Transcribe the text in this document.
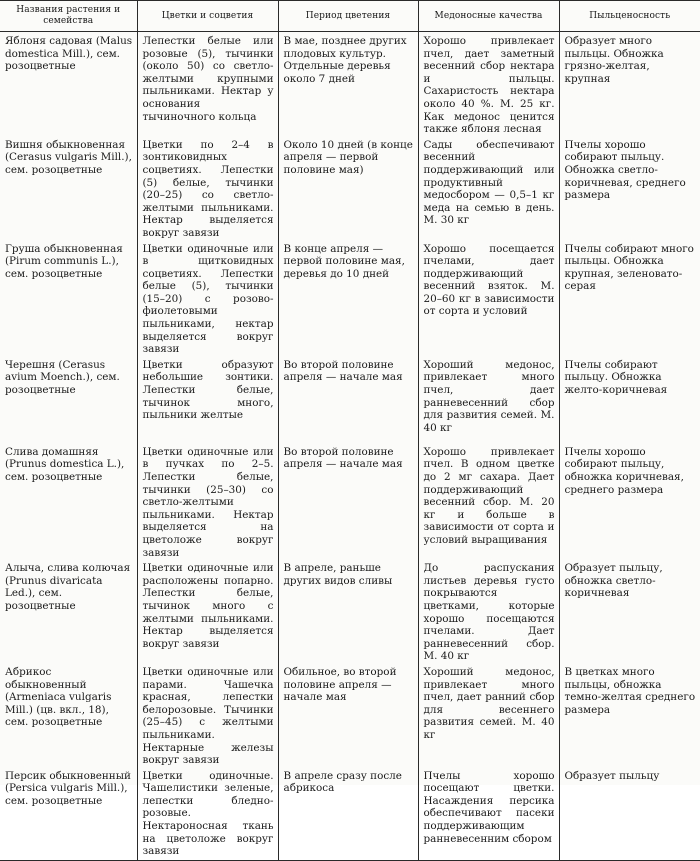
Названия растения и семейства	Цветки и соцветия	Период цветения	Медоносные качества	Пыльценосность
Яблоня садовая (Malus domestica Mill.), сем. розоцветные	Лепестки белые или розовые (5), тычинки (около 50) со светло-желтыми крупными пыльниками. Нектар у основания тычиночного кольца	В мае, позднее других плодовых культур. Отдельные деревья около 7 дней	Хорошо привлекает пчел, дает заметный весенний сбор нектара и пыльцы. Сахаристость нектара около 40 %. М. 25 кг. Как медонос ценится также яблоня лесная	Образует много пыльцы. Обножка грязно-желтая, крупная
Вишня обыкновенная (Cerasus vulgaris Mill.), сем. розоцветные	Цветки по 2–4 в зонтиковидных соцветиях. Лепестки (5) белые, тычинки (20–25) со светло-желтыми пыльниками. Нектар выделяется вокруг завязи	Около 10 дней (в конце апреля — первой половине мая)	Сады обеспечивают весенний поддерживающий или продуктивный медосбором — 0,5–1 кг меда на семью в день. М. 30 кг	Пчелы хорошо собирают пыльцу. Обножка светло-коричневая, среднего размера
Груша обыкновенная (Pirum communis L.), сем. розоцветные	Цветки одиночные или в щитковидных соцветиях. Лепестки белые (5), тычинки (15–20) с розово-фиолетовыми пыльниками, нектар выделяется вокруг завязи	В конце апреля — первой половине мая, деревья до 10 дней	Хорошо посещается пчелами, дает поддерживающий весенний взяток. М. 20–60 кг в зависимости от сорта и условий	Пчелы собирают много пыльцы. Обножка крупная, зеленовато-серая
Черешня (Cerasus avium Moench.), сем. розоцветные	Цветки образуют небольшие зонтики. Лепестки белые, тычинок много, пыльники желтые	Во второй половине апреля — начале мая	Хороший медонос, привлекает много пчел, дает ранневесенний сбор для развития семей. М. 40 кг	Пчелы собирают пыльцу. Обножка желто-коричневая
Слива домашняя (Prunus domestica L.), сем. розоцветные	Цветки одиночные или в пучках по 2–5. Лепестки белые, тычинки (25–30) со светло-желтыми пыльниками. Нектар выделяется на цветоложе вокруг завязи	Во второй половине апреля — начале мая	Хорошо привлекает пчел. В одном цветке до 2 мг сахара. Дает поддерживающий весенний сбор. М. 20 кг и больше в зависимости от сорта и условий выращивания	Пчелы хорошо собирают пыльцу, обножка коричневая, среднего размера
Алыча, слива колючая (Prunus divaricata Led.), сем. розоцветные	Цветки одиночные или расположены попарно. Лепестки белые, тычинок много с желтыми пыльниками. Нектар выделяется вокруг завязи	В апреле, раньше других видов сливы	До распускания листьев деревья густо покрываются цветками, которые хорошо посещаются пчелами. Дает ранневесенний сбор. М. 40 кг	Образует пыльцу, обножка светло-коричневая
Абрикос обыкновенный (Armeniaca vulgaris Mill.) (цв. вкл., 18), сем. розоцветные	Цветки одиночные или парами. Чашечка красная, лепестки белорозовые. Тычинки (25–45) с желтыми пыльниками. Нектарные железы вокруг завязи	Обильное, во второй половине апреля — начале мая	Хороший медонос, привлекает много пчел, дает ранний сбор для весеннего развития семей. М. 40 кг	В цветках много пыльцы, обножка темно-желтая среднего размера
Персик обыкновенный (Persica vulgaris Mill.), сем. розоцветные	Цветки одиночные. Чашелистики зеленые, лепестки бледно-розовые. Нектароносная ткань на цветоложе вокруг завязи	В апреле сразу после абрикоса	Пчелы хорошо посещают цветки. Насаждения персика обеспечивают пасеки поддерживающим ранневесенним сбором	Образует пыльцу
